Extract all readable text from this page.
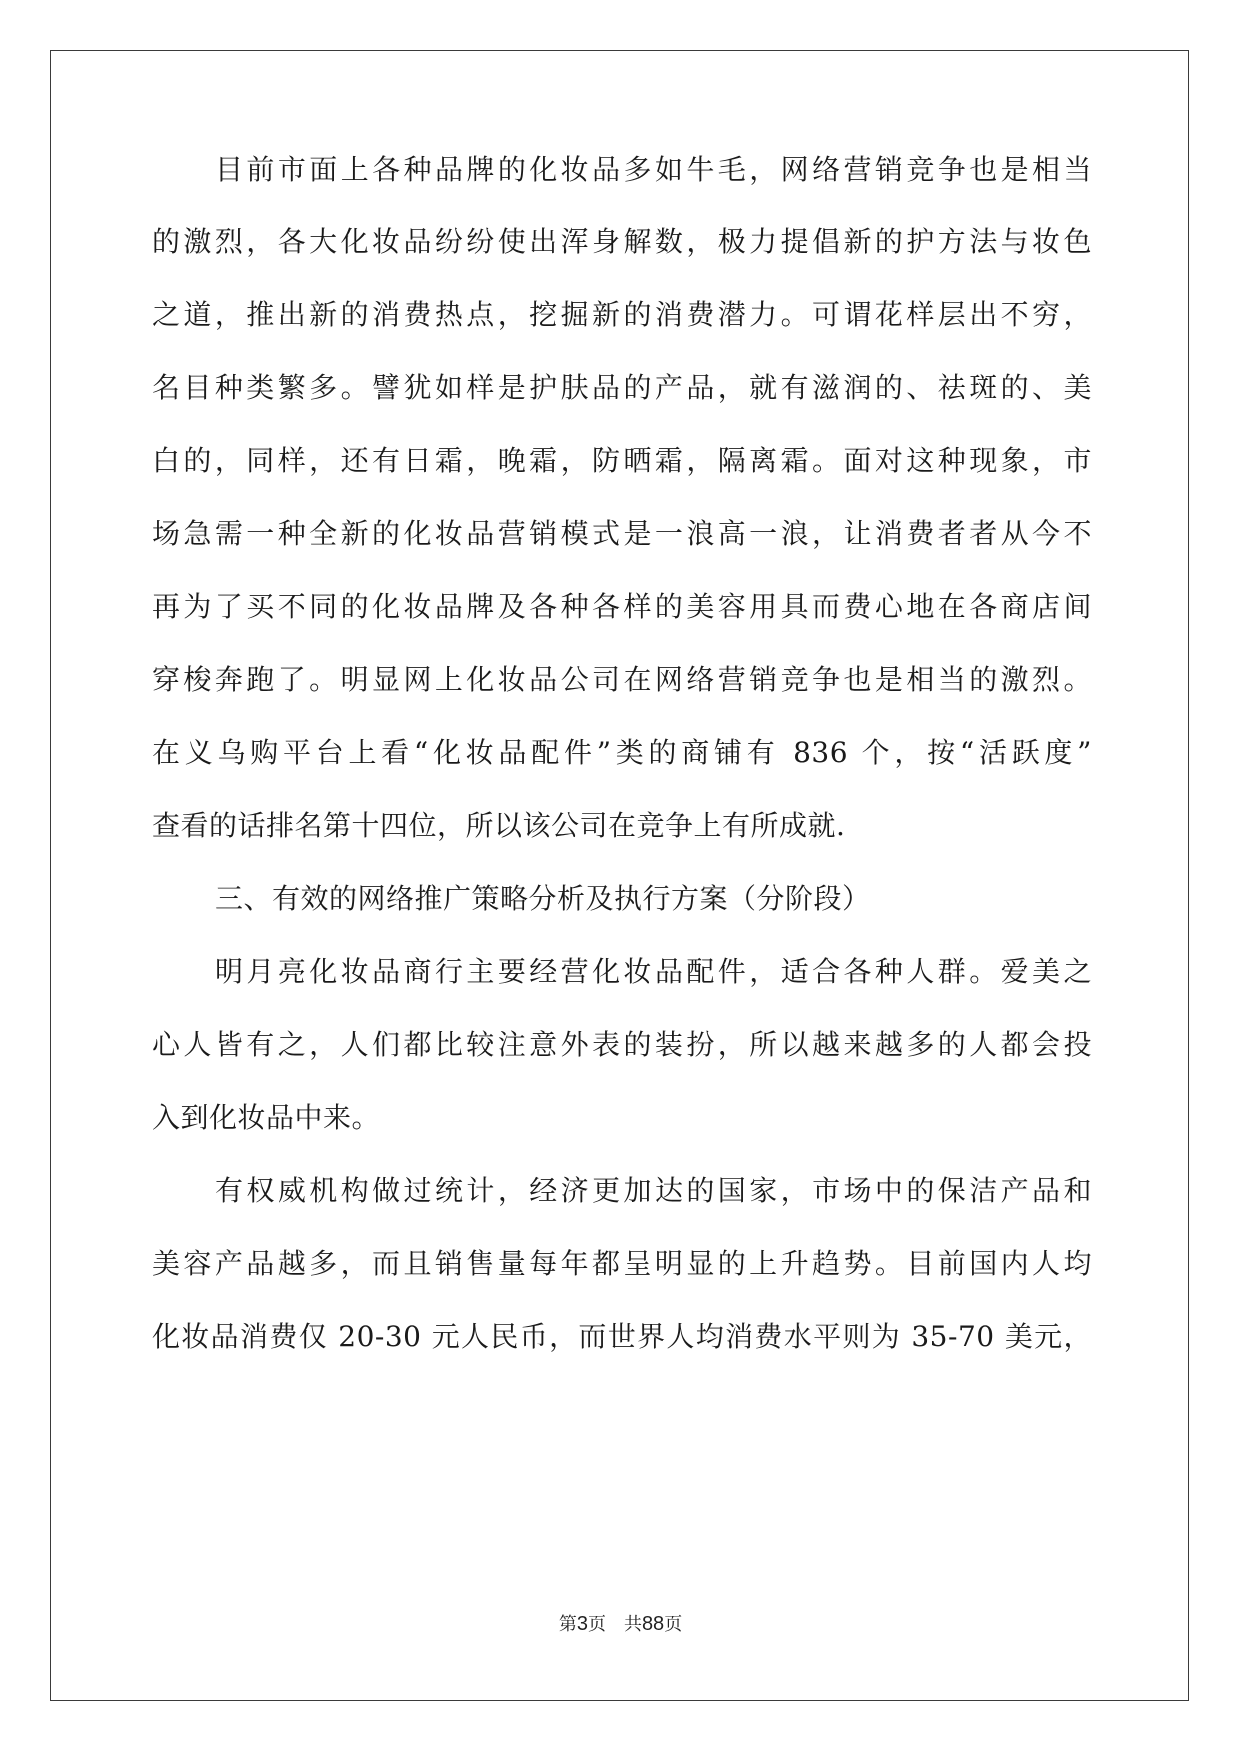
目前市面上各种品牌的化妆品多如牛毛，网络营销竞争也是相当

的激烈，各大化妆品纷纷使出浑身解数，极力提倡新的护方法与妆色

之道，推出新的消费热点，挖掘新的消费潜力。可谓花样层出不穷，

名目种类繁多。譬犹如样是护肤品的产品，就有滋润的、祛斑的、美

白的，同样，还有日霜，晚霜，防晒霜，隔离霜。面对这种现象，市

场急需一种全新的化妆品营销模式是一浪高一浪，让消费者者从今不

再为了买不同的化妆品牌及各种各样的美容用具而费心地在各商店间

穿梭奔跑了。明显网上化妆品公司在网络营销竞争也是相当的激烈。

在义乌购平台上看“化妆品配件”类的商铺有 836 个，按“活跃度”

查看的话排名第十四位，所以该公司在竞争上有所成就.

三、有效的网络推广策略分析及执行方案（分阶段）

明月亮化妆品商行主要经营化妆品配件，适合各种人群。爱美之

心人皆有之，人们都比较注意外表的装扮，所以越来越多的人都会投

入到化妆品中来。

有权威机构做过统计，经济更加达的国家，市场中的保洁产品和

美容产品越多，而且销售量每年都呈明显的上升趋势。目前国内人均

化妆品消费仅 20-30 元人民币，而世界人均消费水平则为 35-70 美元，

第3页 共88页
